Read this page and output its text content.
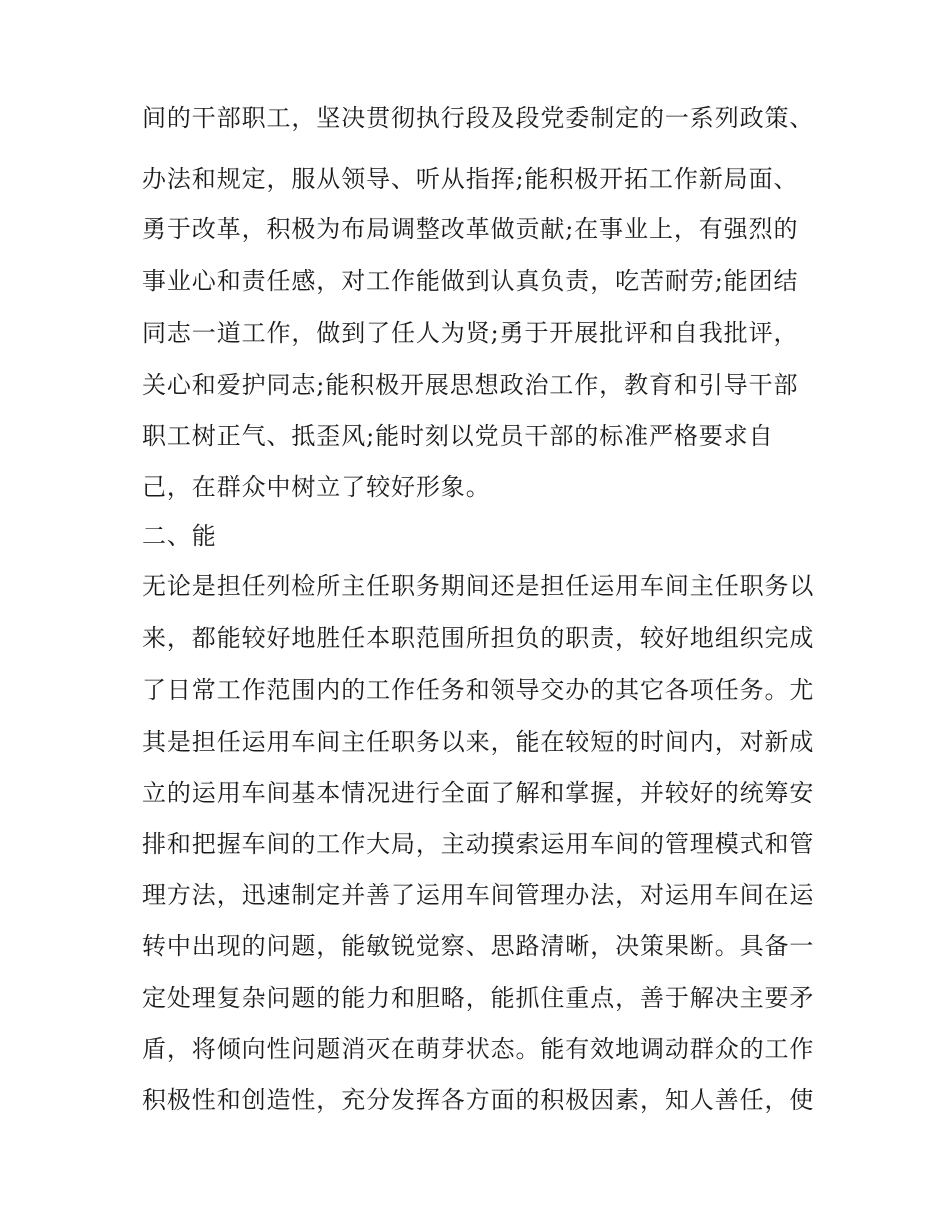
间的干部职工，坚决贯彻执行段及段党委制定的一系列政策、
办法和规定，服从领导、听从指挥;能积极开拓工作新局面、
勇于改革，积极为布局调整改革做贡献;在事业上，有强烈的
事业心和责任感，对工作能做到认真负责，吃苦耐劳;能团结
同志一道工作，做到了任人为贤;勇于开展批评和自我批评，
关心和爱护同志;能积极开展思想政治工作，教育和引导干部
职工树正气、抵歪风;能时刻以党员干部的标准严格要求自
己，在群众中树立了较好形象。
二、能
无论是担任列检所主任职务期间还是担任运用车间主任职务以
来，都能较好地胜任本职范围所担负的职责，较好地组织完成
了日常工作范围内的工作任务和领导交办的其它各项任务。尤
其是担任运用车间主任职务以来，能在较短的时间内，对新成
立的运用车间基本情况进行全面了解和掌握，并较好的统筹安
排和把握车间的工作大局，主动摸索运用车间的管理模式和管
理方法，迅速制定并善了运用车间管理办法，对运用车间在运
转中出现的问题，能敏锐觉察、思路清晰，决策果断。具备一
定处理复杂问题的能力和胆略，能抓住重点，善于解决主要矛
盾，将倾向性问题消灭在萌芽状态。能有效地调动群众的工作
积极性和创造性，充分发挥各方面的积极因素，知人善任，使
